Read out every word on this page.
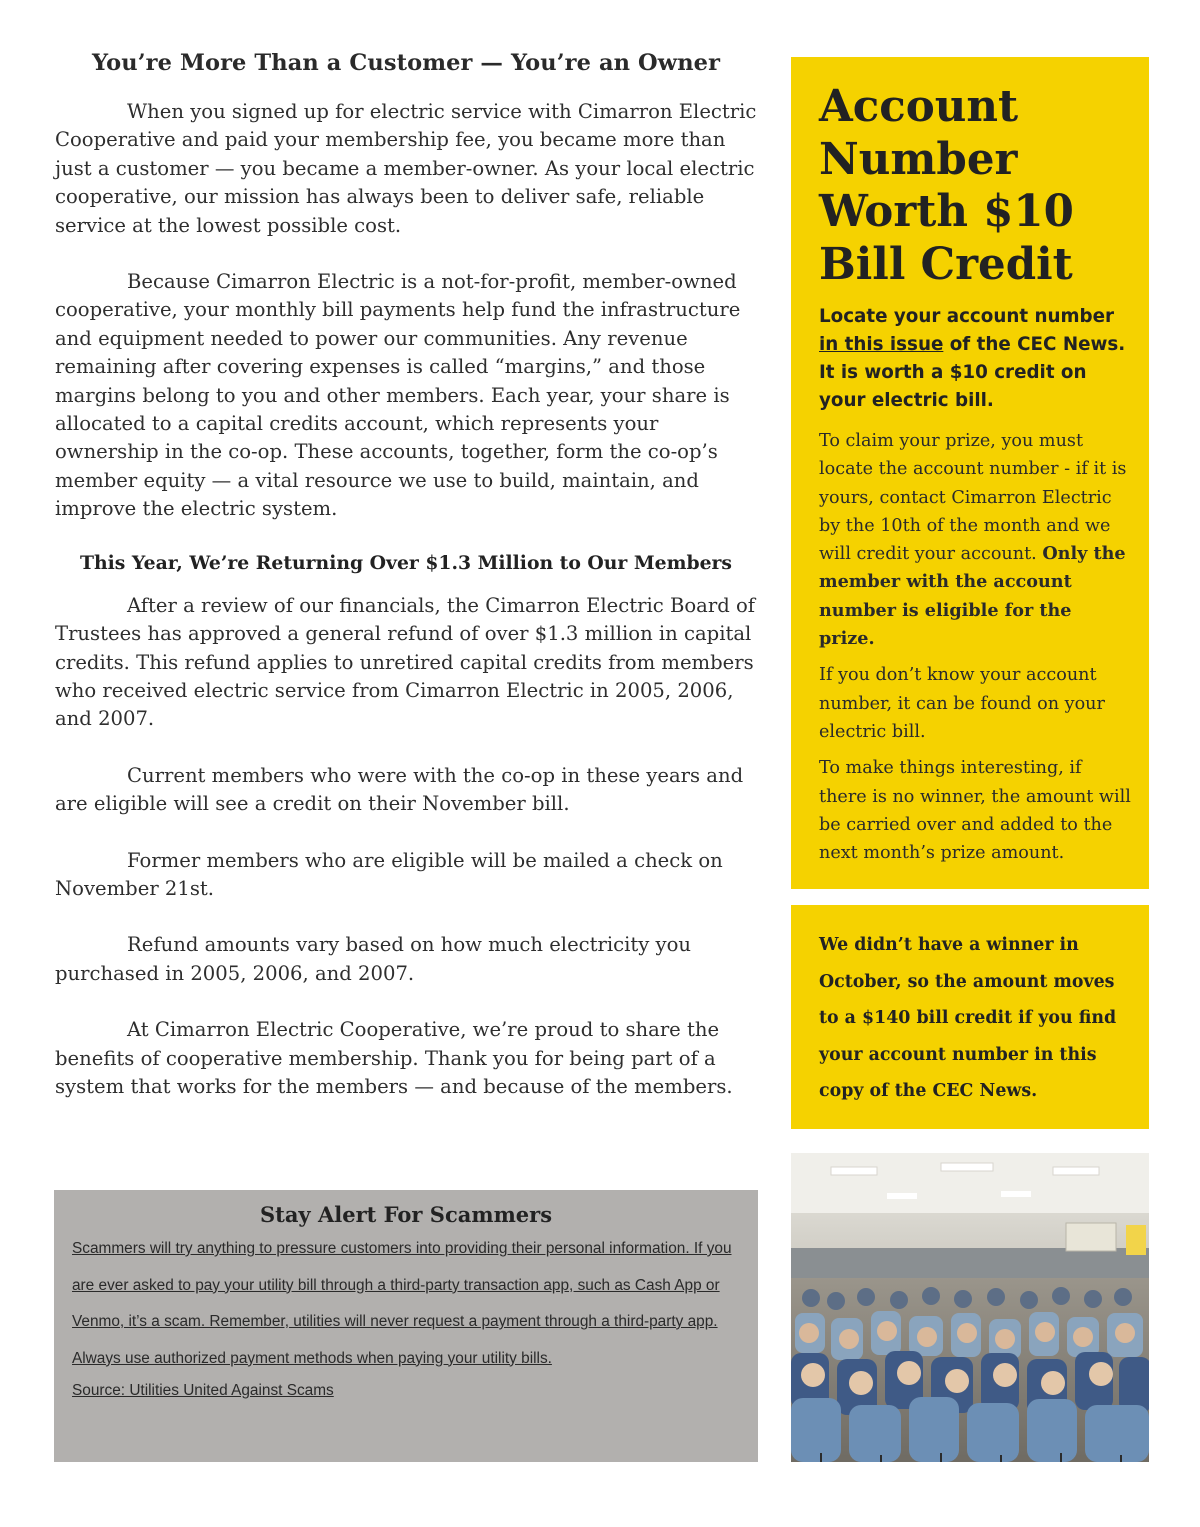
You’re More Than a Customer — You’re an Owner

When you signed up for electric service with Cimarron Electric Cooperative and paid your membership fee, you became more than just a customer — you became a member-owner. As your local electric cooperative, our mission has always been to deliver safe, reliable service at the lowest possible cost.

Because Cimarron Electric is a not-for-profit, member-owned cooperative, your monthly bill payments help fund the infrastructure and equipment needed to power our communities. Any revenue remaining after covering expenses is called “margins,” and those margins belong to you and other members. Each year, your share is allocated to a capital credits account, which represents your ownership in the co-op. These accounts, together, form the co-op’s member equity — a vital resource we use to build, maintain, and improve the electric system.

This Year, We’re Returning Over $1.3 Million to Our Members

After a review of our financials, the Cimarron Electric Board of Trustees has approved a general refund of over $1.3 million in capital credits. This refund applies to unretired capital credits from members who received electric service from Cimarron Electric in 2005, 2006, and 2007.

Current members who were with the co-op in these years and are eligible will see a credit on their November bill.

Former members who are eligible will be mailed a check on November 21st.

Refund amounts vary based on how much electricity you purchased in 2005, 2006, and 2007.

At Cimarron Electric Cooperative, we’re proud to share the benefits of cooperative membership. Thank you for being part of a system that works for the members — and because of the members.

Stay Alert For Scammers

Scammers will try anything to pressure customers into providing their personal information. If you are ever asked to pay your utility bill through a third-party transaction app, such as Cash App or Venmo, it’s a scam. Remember, utilities will never request a payment through a third-party app. Always use authorized payment methods when paying your utility bills.

Source: Utilities United Against Scams

Account Number Worth $10 Bill Credit

Locate your account number in this issue of the CEC News. It is worth a $10 credit on your electric bill.

To claim your prize, you must locate the account number - if it is yours, contact Cimarron Electric by the 10th of the month and we will credit your account. Only the member with the account number is eligible for the prize.

If you don’t know your account number, it can be found on your electric bill.

To make things interesting, if there is no winner, the amount will be carried over and added to the next month’s prize amount.

We didn’t have a winner in October, so the amount moves to a $140 bill credit if you find your account number in this copy of the CEC News.
